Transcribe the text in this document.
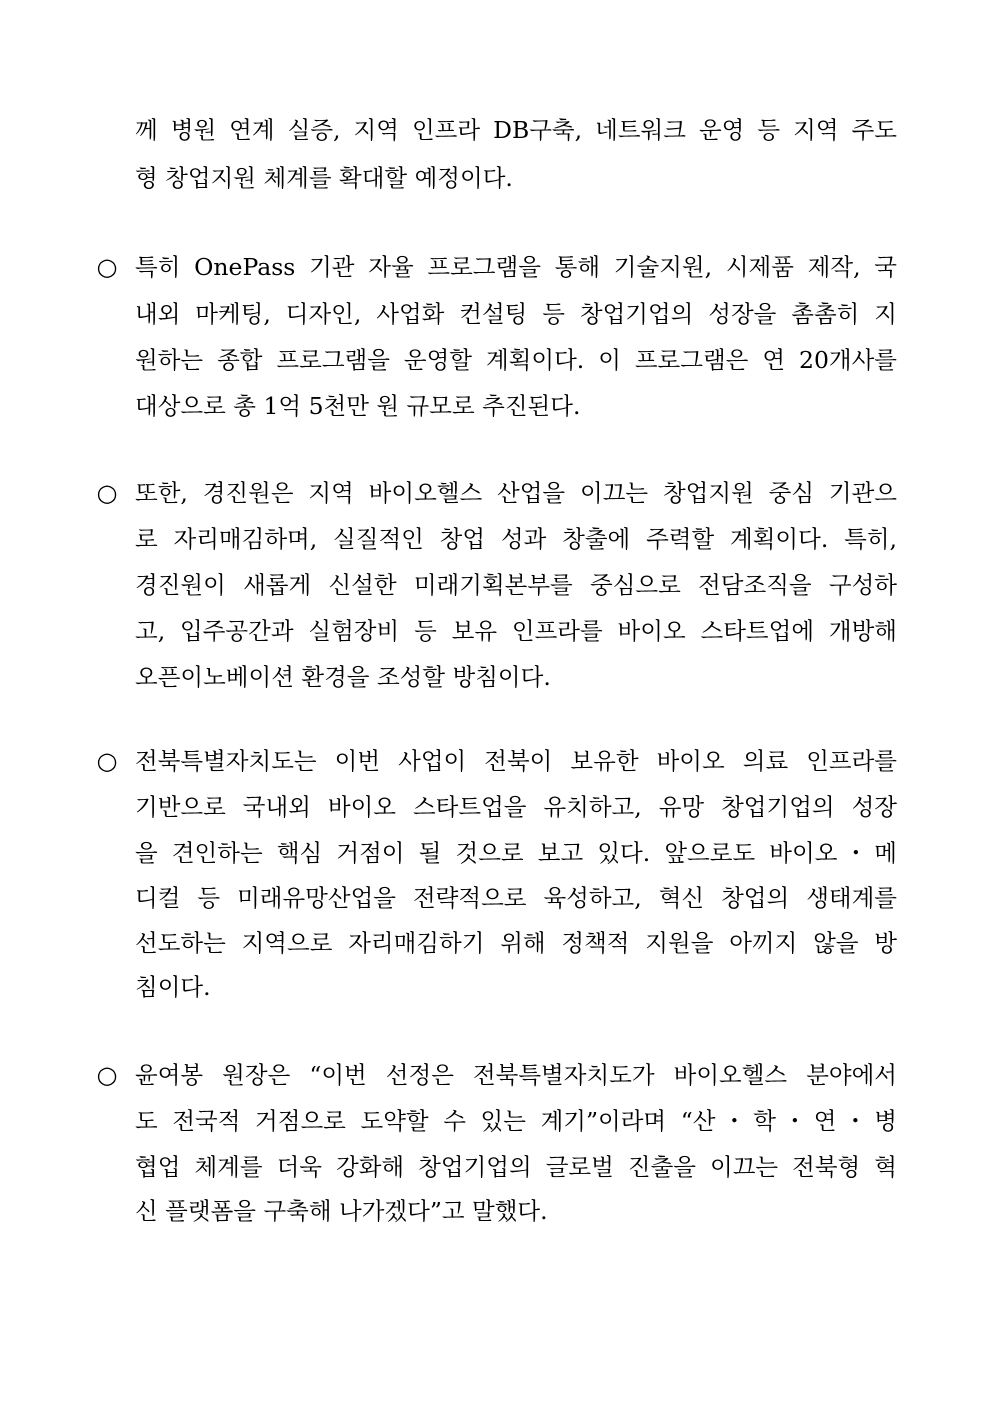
께 병원 연계 실증, 지역 인프라 DB구축, 네트워크 운영 등 지역 주도
형 창업지원 체계를 확대할 예정이다.
○ 특히 OnePass 기관 자율 프로그램을 통해 기술지원, 시제품 제작, 국
내외 마케팅, 디자인, 사업화 컨설팅 등 창업기업의 성장을 촘촘히 지
원하는 종합 프로그램을 운영할 계획이다. 이 프로그램은 연 20개사를
대상으로 총 1억 5천만 원 규모로 추진된다.
○ 또한, 경진원은 지역 바이오헬스 산업을 이끄는 창업지원 중심 기관으
로 자리매김하며, 실질적인 창업 성과 창출에 주력할 계획이다. 특히,
경진원이 새롭게 신설한 미래기획본부를 중심으로 전담조직을 구성하
고, 입주공간과 실험장비 등 보유 인프라를 바이오 스타트업에 개방해
오픈이노베이션 환경을 조성할 방침이다.
○ 전북특별자치도는 이번 사업이 전북이 보유한 바이오 의료 인프라를
기반으로 국내외 바이오 스타트업을 유치하고, 유망 창업기업의 성장
을 견인하는 핵심 거점이 될 것으로 보고 있다. 앞으로도 바이오・메
디컬 등 미래유망산업을 전략적으로 육성하고, 혁신 창업의 생태계를
선도하는 지역으로 자리매김하기 위해 정책적 지원을 아끼지 않을 방
침이다.
○ 윤여봉 원장은 “이번 선정은 전북특별자치도가 바이오헬스 분야에서
도 전국적 거점으로 도약할 수 있는 계기”이라며 “산・학・연・병
협업 체계를 더욱 강화해 창업기업의 글로벌 진출을 이끄는 전북형 혁
신 플랫폼을 구축해 나가겠다”고 말했다.
